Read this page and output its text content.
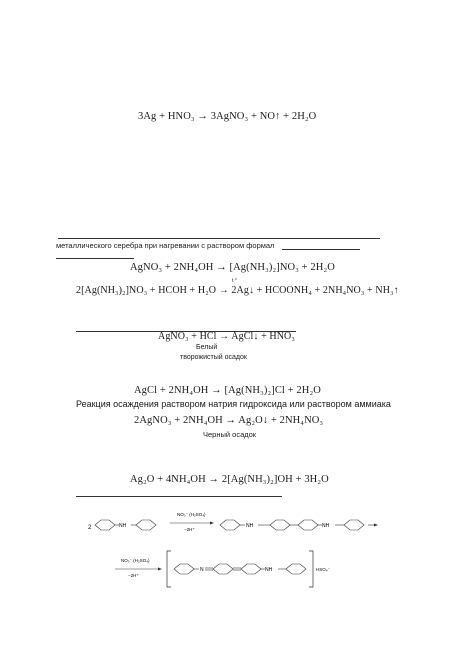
3Ag + HNO₃ → 3AgNO₃ + NO↑ + 2H₂O
металлического серебра при нагревании с раствором формал
AgNO₃ + 2NH₄OH → [Ag(NH₃)₂]NO₃ + 2H₂O
t °
2[Ag(NH₃)₂]NO₃ + HCOH + H₂O → 2Ag↓ + HCOONH₄ + 2NH₄NO₃ + NH₃↑
AgNO₃ + HCl → AgCl↓ + HNO₃
Белый
творожистый осадок
AgCl + 2NH₄OH → [Ag(NH₃)₂]Cl + 2H₂O
Реакция осаждения раствором натрия гидроксида или раствором аммиака
2AgNO₃ + 2NH₄OH → Ag₂O↓ + 2NH₄NO₃
Черный осадок
Ag₂O + 4NH₄OH → 2[Ag(NH₃)₂]OH + 3H₂O
2	NH
NO₃⁻ (H₂SO₄)
−2H⁺
NH	NH
NO₃⁻ (H₂SO₄)
−2H⁺
N	NH	HSO₄⁻
